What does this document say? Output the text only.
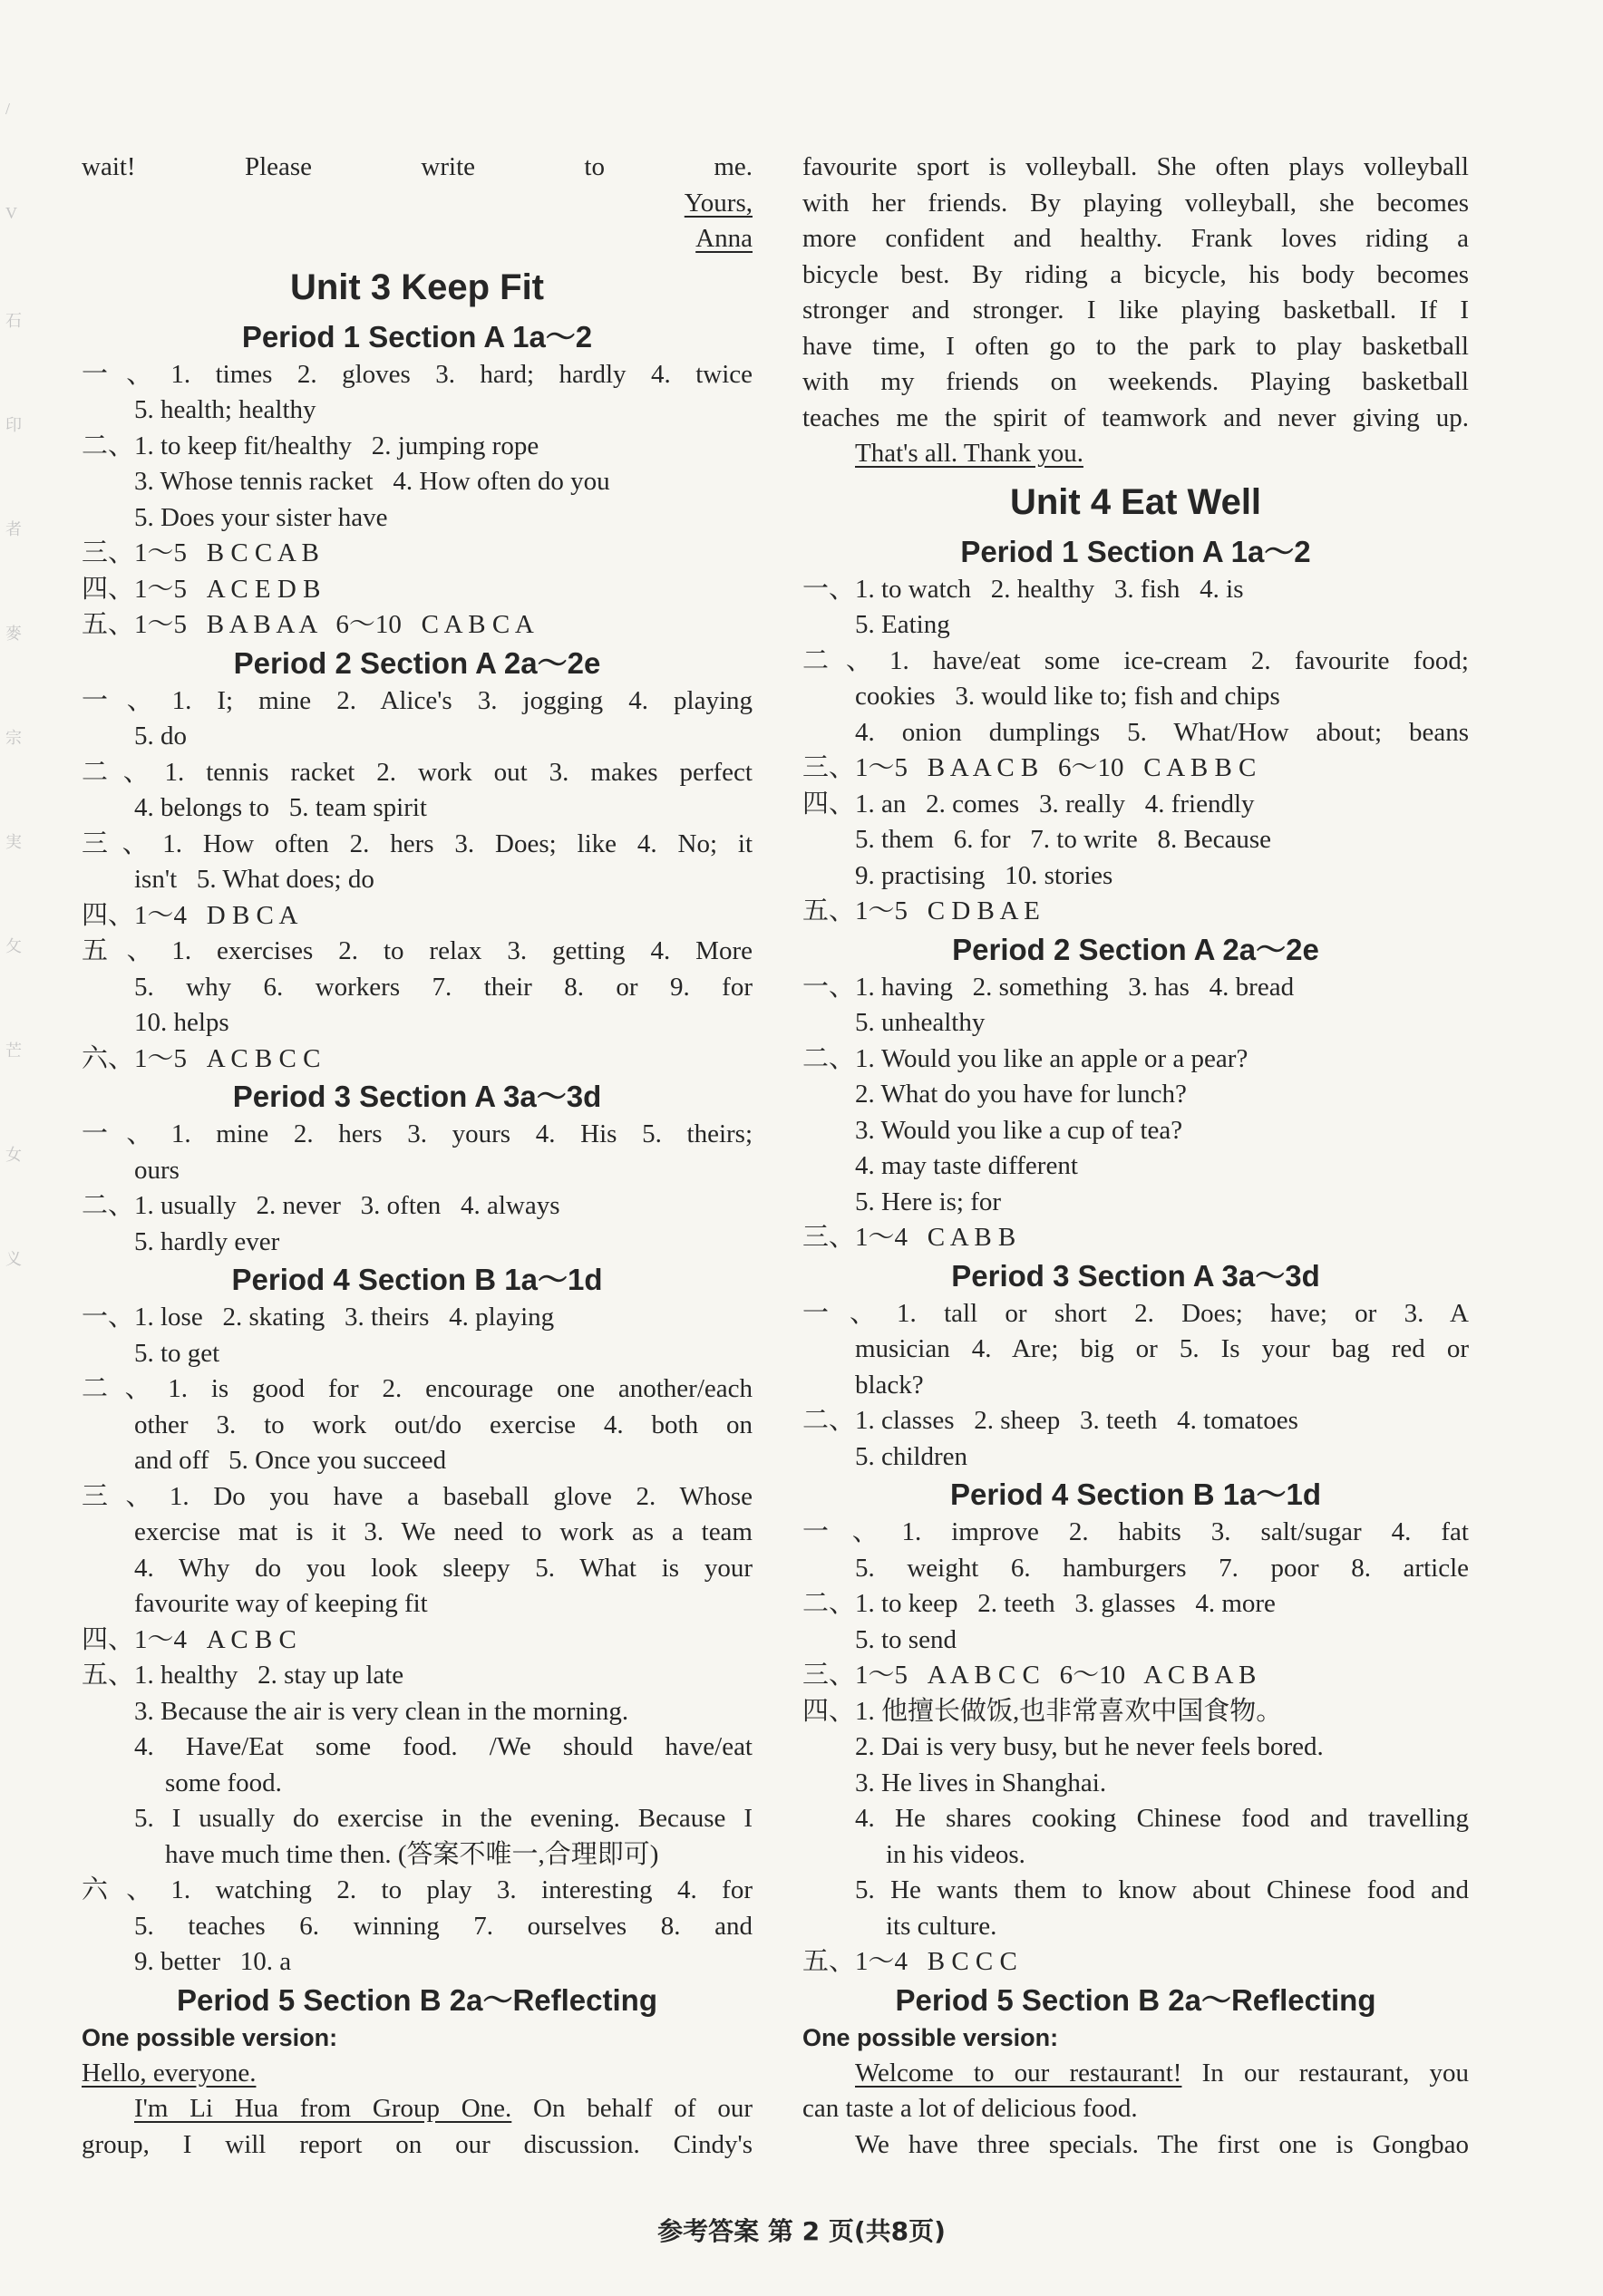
wait! Please write to me.
Yours,
Anna
Unit 3 Keep Fit
Period 1 Section A 1a～2
一、1. times 2. gloves 3. hard; hardly 4. twice
5. health; healthy
二、1. to keep fit/healthy   2. jumping rope
3. Whose tennis racket   4. How often do you
5. Does your sister have
三、1～5   B C C A B
四、1～5   A C E D B
五、1～5   B A B A A   6～10   C A B C A
Period 2 Section A 2a～2e
一、1. I; mine 2. Alice's 3. jogging 4. playing
5. do
二、1. tennis racket 2. work out 3. makes perfect
4. belongs to   5. team spirit
三、1. How often 2. hers 3. Does; like 4. No; it
isn't   5. What does; do
四、1～4   D B C A
五、1. exercises 2. to relax 3. getting 4. More
5. why 6. workers 7. their 8. or 9. for
10. helps
六、1～5   A C B C C
Period 3 Section A 3a～3d
一、1. mine 2. hers 3. yours 4. His 5. theirs;
ours
二、1. usually   2. never   3. often   4. always
5. hardly ever
Period 4 Section B 1a～1d
一、1. lose   2. skating   3. theirs   4. playing
5. to get
二、1. is good for 2. encourage one another/each
other 3. to work out/do exercise 4. both on
and off   5. Once you succeed
三、1. Do you have a baseball glove 2. Whose
exercise mat is it 3. We need to work as a team
4. Why do you look sleepy 5. What is your
favourite way of keeping fit
四、1～4   A C B C
五、1. healthy   2. stay up late
3. Because the air is very clean in the morning.
4. Have/Eat some food. /We should have/eat
some food.
5. I usually do exercise in the evening. Because I
have much time then. (答案不唯一,合理即可)
六、1. watching 2. to play 3. interesting 4. for
5. teaches 6. winning 7. ourselves 8. and
9. better   10. a
Period 5 Section B 2a～Reflecting
One possible version:
Hello, everyone.
I'm Li Hua from Group One. On behalf of our
group, I will report on our discussion. Cindy's
favourite sport is volleyball. She often plays volleyball
with her friends. By playing volleyball, she becomes
more confident and healthy. Frank loves riding a
bicycle best. By riding a bicycle, his body becomes
stronger and stronger. I like playing basketball. If I
have time, I often go to the park to play basketball
with my friends on weekends. Playing basketball
teaches me the spirit of teamwork and never giving up.
That's all. Thank you.
Unit 4 Eat Well
Period 1 Section A 1a～2
一、1. to watch   2. healthy   3. fish   4. is
5. Eating
二、1. have/eat some ice-cream 2. favourite food;
cookies   3. would like to; fish and chips
4. onion dumplings 5. What/How about; beans
三、1～5   B A A C B   6～10   C A B B C
四、1. an   2. comes   3. really   4. friendly
5. them   6. for   7. to write   8. Because
9. practising   10. stories
五、1～5   C D B A E
Period 2 Section A 2a～2e
一、1. having   2. something   3. has   4. bread
5. unhealthy
二、1. Would you like an apple or a pear?
2. What do you have for lunch?
3. Would you like a cup of tea?
4. may taste different
5. Here is; for
三、1～4   C A B B
Period 3 Section A 3a～3d
一、1. tall or short 2. Does; have; or 3. A
musician 4. Are; big or 5. Is your bag red or
black?
二、1. classes   2. sheep   3. teeth   4. tomatoes
5. children
Period 4 Section B 1a～1d
一、1. improve 2. habits 3. salt/sugar 4. fat
5. weight 6. hamburgers 7. poor 8. article
二、1. to keep   2. teeth   3. glasses   4. more
5. to send
三、1～5   A A B C C   6～10   A C B A B
四、1. 他擅长做饭,也非常喜欢中国食物。
2. Dai is very busy, but he never feels bored.
3. He lives in Shanghai.
4. He shares cooking Chinese food and travelling
in his videos.
5. He wants them to know about Chinese food and
its culture.
五、1～4   B C C C
Period 5 Section B 2a～Reflecting
One possible version:
Welcome to our restaurant! In our restaurant, you
can taste a lot of delicious food.
We have three specials. The first one is Gongbao
/
V
石
印
者
麥
宗
実
攵
芒
女
义
参考答案 第 2 页(共8页)
